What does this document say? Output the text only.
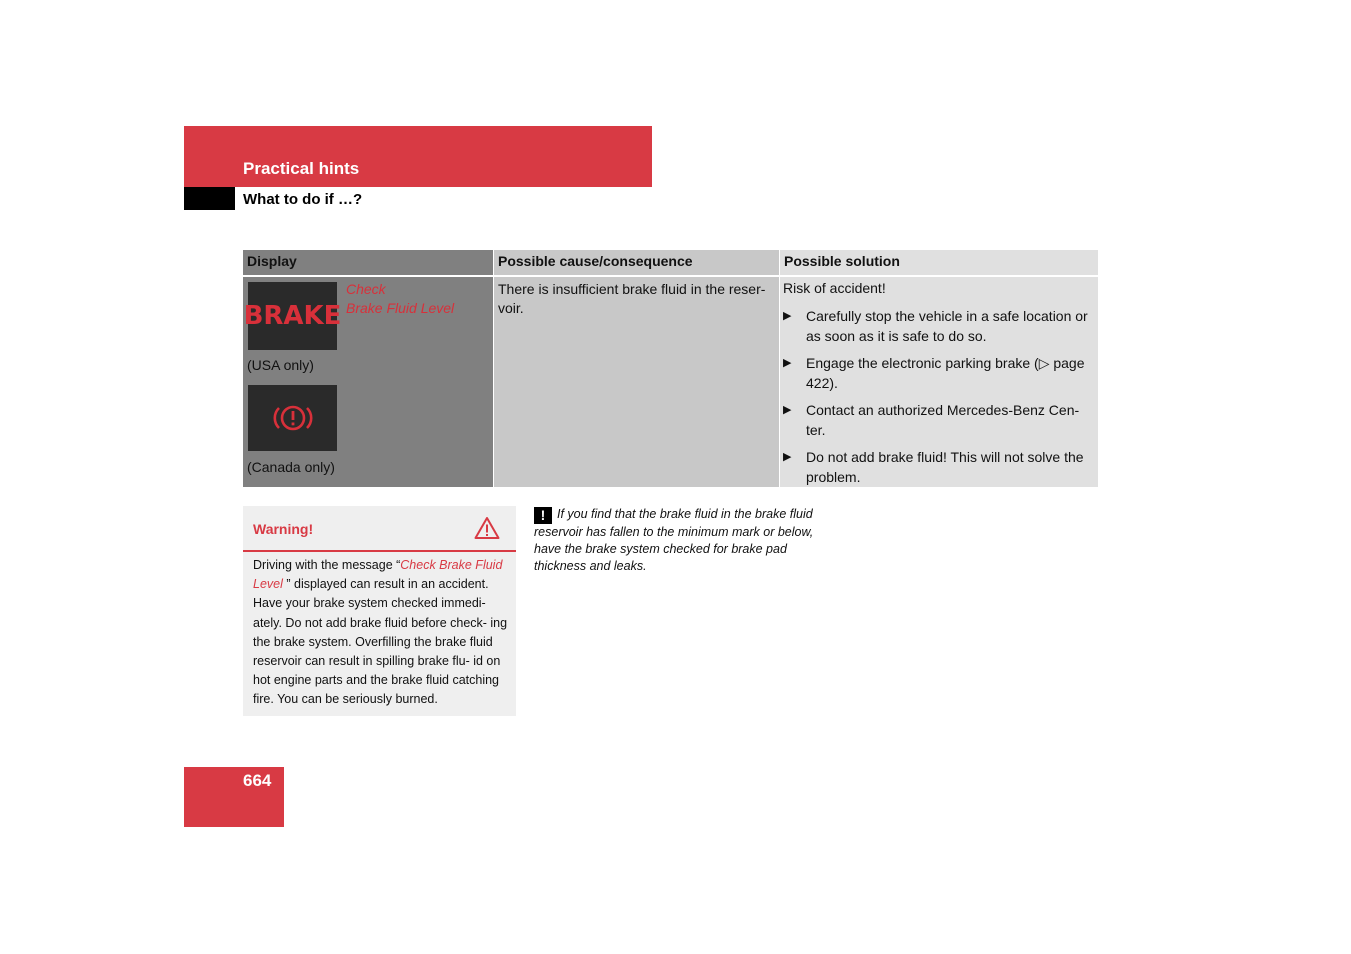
Practical hints
What to do if …?
Display	Possible cause/consequence	Possible solution
BRAKE
Check
Brake Fluid Level
(USA only)
(Canada only)
There is insufficient brake fluid in the reser- voir.
Risk of accident!
▶ Carefully stop the vehicle in a safe location or as soon as it is safe to do so.
▶ Engage the electronic parking brake (▷ page 422).
▶ Contact an authorized Mercedes-Benz Cen- ter.
▶ Do not add brake fluid! This will not solve the problem.
Warning!
Driving with the message “Check Brake Fluid Level ” displayed can result in an accident. Have your brake system checked immedi- ately. Do not add brake fluid before check- ing the brake system. Overfilling the brake fluid reservoir can result in spilling brake flu- id on hot engine parts and the brake fluid catching fire. You can be seriously burned.
! If you find that the brake fluid in the brake fluid reservoir has fallen to the minimum mark or below, have the brake system checked for brake pad thickness and leaks.
664
